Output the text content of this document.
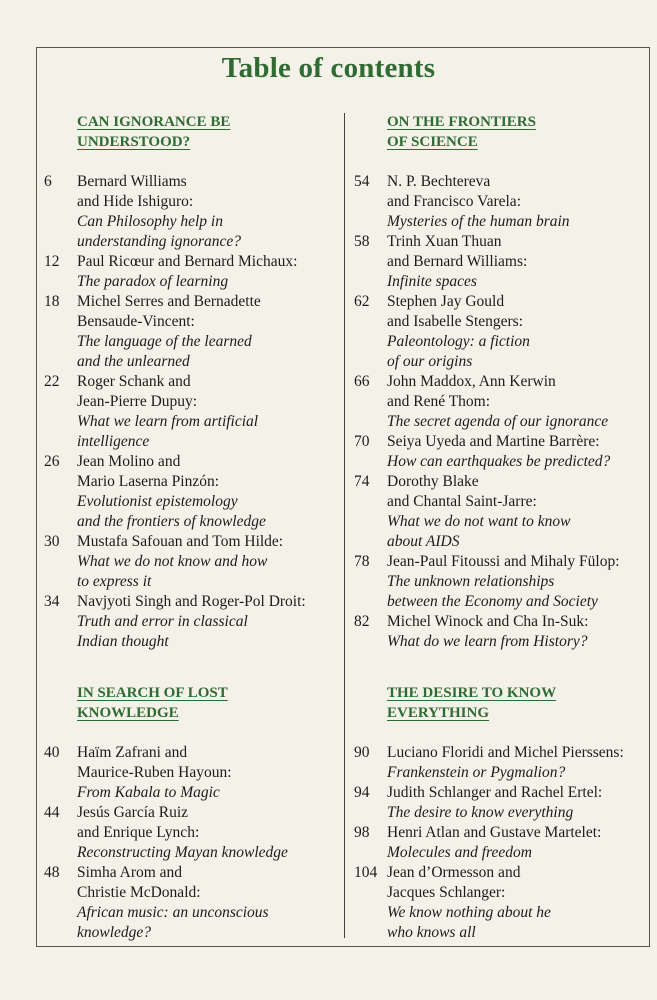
Table of contents
CAN IGNORANCE BE
UNDERSTOOD?
6	Bernard Williams
and Hide Ishiguro:
Can Philosophy help in
understanding ignorance?
12	Paul Ricœur and Bernard Michaux:
The paradox of learning
18	Michel Serres and Bernadette
Bensaude-Vincent:
The language of the learned
and the unlearned
22	Roger Schank and
Jean-Pierre Dupuy:
What we learn from artificial
intelligence
26	Jean Molino and
Mario Laserna Pinzón:
Evolutionist epistemology
and the frontiers of knowledge
30	Mustafa Safouan and Tom Hilde:
What we do not know and how
to express it
34	Navjyoti Singh and Roger-Pol Droit:
Truth and error in classical
Indian thought
IN SEARCH OF LOST
KNOWLEDGE
40	Haïm Zafrani and
Maurice-Ruben Hayoun:
From Kabala to Magic
44	Jesús García Ruiz
and Enrique Lynch:
Reconstructing Mayan knowledge
48	Simha Arom and
Christie McDonald:
African music: an unconscious
knowledge?
ON THE FRONTIERS
OF SCIENCE
54	N. P. Bechtereva
and Francisco Varela:
Mysteries of the human brain
58	Trinh Xuan Thuan
and Bernard Williams:
Infinite spaces
62	Stephen Jay Gould
and Isabelle Stengers:
Paleontology: a fiction
of our origins
66	John Maddox, Ann Kerwin
and René Thom:
The secret agenda of our ignorance
70	Seiya Uyeda and Martine Barrère:
How can earthquakes be predicted?
74	Dorothy Blake
and Chantal Saint-Jarre:
What we do not want to know
about AIDS
78	Jean-Paul Fitoussi and Mihaly Fülop:
The unknown relationships
between the Economy and Society
82	Michel Winock and Cha In-Suk:
What do we learn from History?
THE DESIRE TO KNOW
EVERYTHING
90	Luciano Floridi and Michel Pierssens:
Frankenstein or Pygmalion?
94	Judith Schlanger and Rachel Ertel:
The desire to know everything
98	Henri Atlan and Gustave Martelet:
Molecules and freedom
104 Jean d’Ormesson and
Jacques Schlanger:
We know nothing about he
who knows all
